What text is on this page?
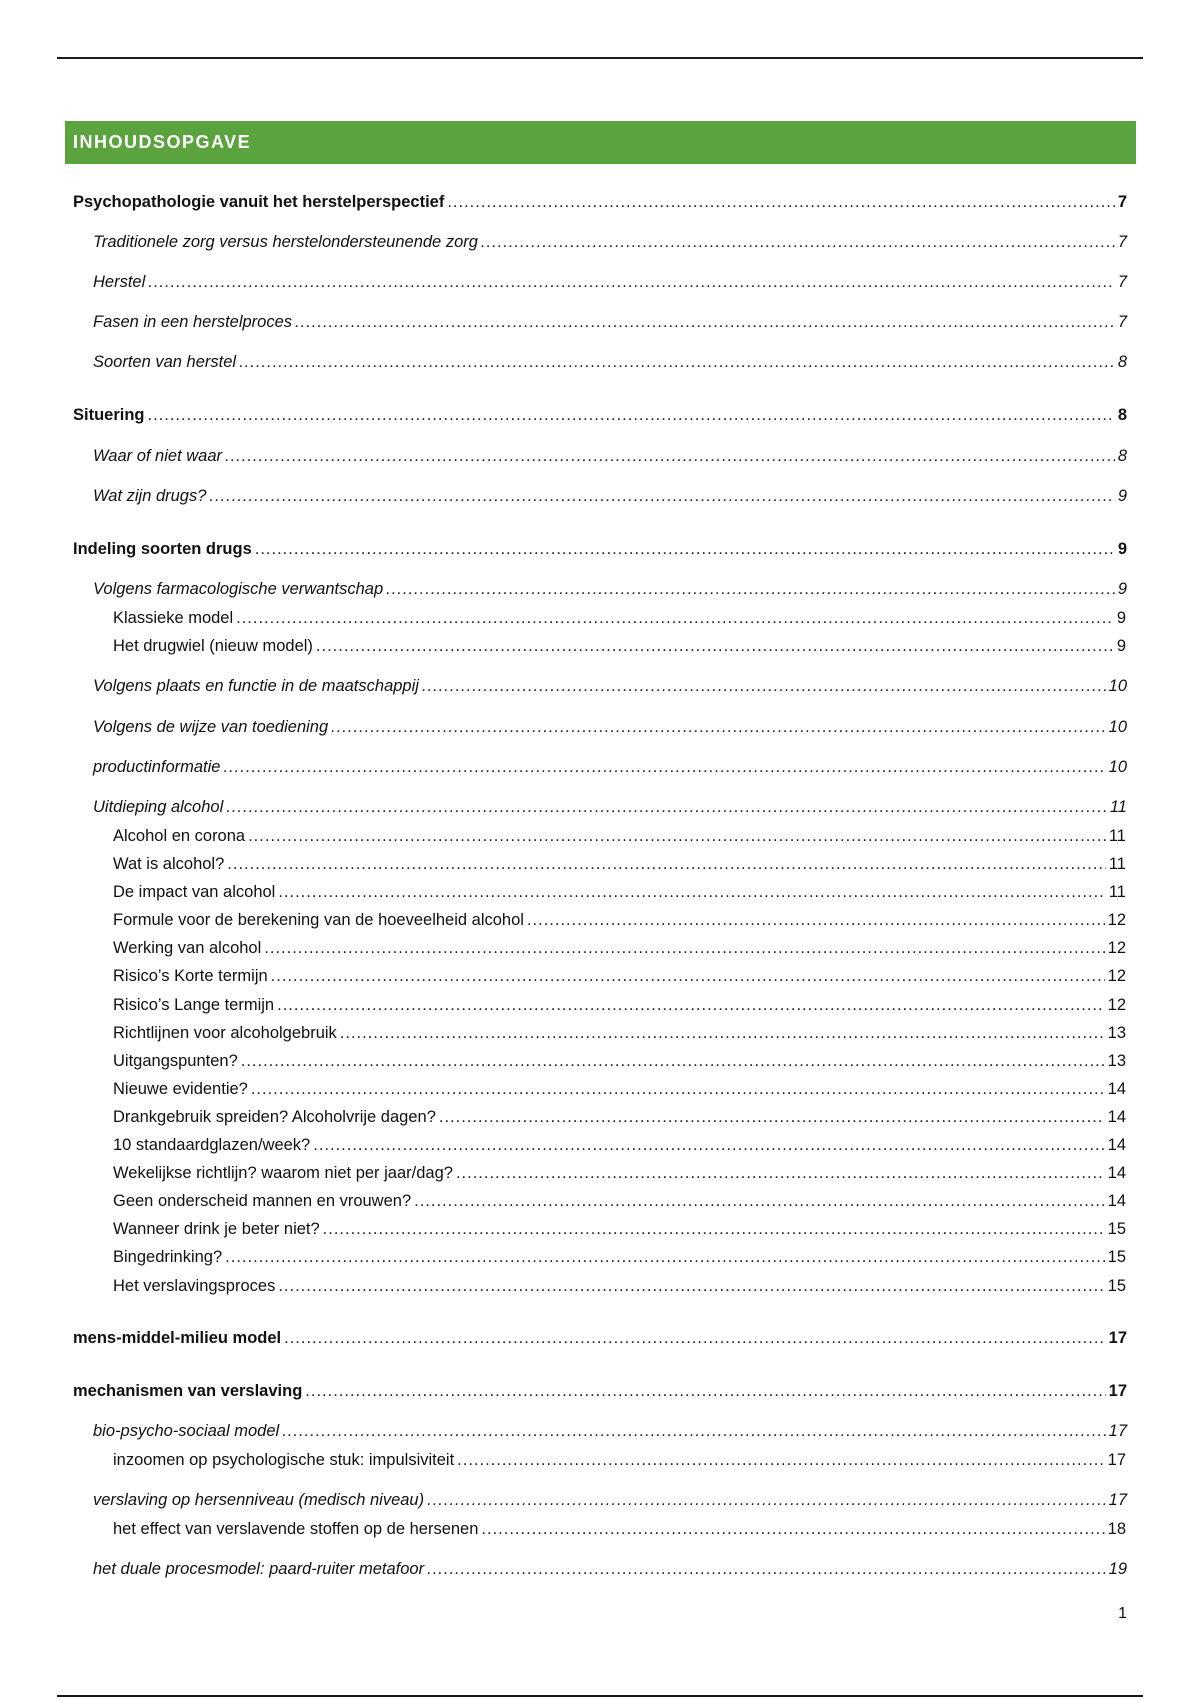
INHOUDSOPGAVE
Psychopathologie vanuit het herstelperspectief .....	7
Traditionele zorg versus herstelondersteunende zorg .....	7
Herstel .....	7
Fasen in een herstelproces .....	7
Soorten van herstel .....	8
Situering .....	8
Waar of niet waar .....	8
Wat zijn drugs? .....	9
Indeling soorten drugs .....	9
Volgens farmacologische verwantschap .....	9
Klassieke model .....	9
Het drugwiel (nieuw model) .....	9
Volgens plaats en functie in de maatschappij .....	10
Volgens de wijze van toediening .....	10
productinformatie .....	10
Uitdieping alcohol .....	11
Alcohol en corona .....	11
Wat is alcohol? .....	11
De impact van alcohol .....	11
Formule voor de berekening van de hoeveelheid alcohol .....	12
Werking van alcohol .....	12
Risico’s Korte termijn .....	12
Risico’s Lange termijn .....	12
Richtlijnen voor alcoholgebruik .....	13
Uitgangspunten? .....	13
Nieuwe evidentie? .....	14
Drankgebruik spreiden? Alcoholvrije dagen? .....	14
10 standaardglazen/week? .....	14
Wekelijkse richtlijn? waarom niet per jaar/dag? .....	14
Geen onderscheid mannen en vrouwen? .....	14
Wanneer drink je beter niet? .....	15
Bingedrinking? .....	15
Het verslavingsproces .....	15
mens-middel-milieu model .....	17
mechanismen van verslaving .....	17
bio-psycho-sociaal model .....	17
inzoomen op psychologische stuk: impulsiviteit .....	17
verslaving op hersenniveau (medisch niveau) .....	17
het effect van verslavende stoffen op de hersenen .....	18
het duale procesmodel: paard-ruiter metafoor .....	19
1
